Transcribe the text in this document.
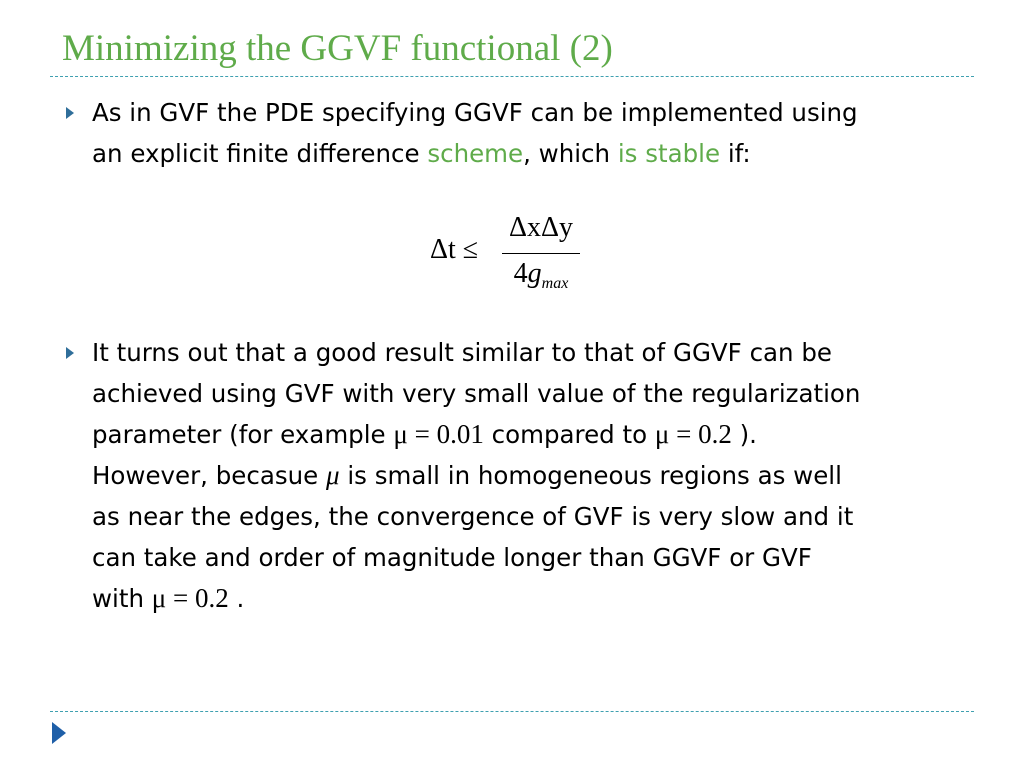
Minimizing the GGVF functional (2)

As in GVF the PDE specifying GGVF can be implemented using
an explicit finite difference scheme, which is stable if:

Δt ≤
ΔxΔy
$4g_{max}$

It turns out that a good result similar to that of GGVF can be
achieved using GVF with very small value of the regularization
parameter (for example μ = 0.01 compared to μ = 0.2 ).
However, becasue μ is small in homogeneous regions as well
as near the edges, the convergence of GVF is very slow and it
can take and order of magnitude longer than GGVF or GVF
with μ = 0.2 .
